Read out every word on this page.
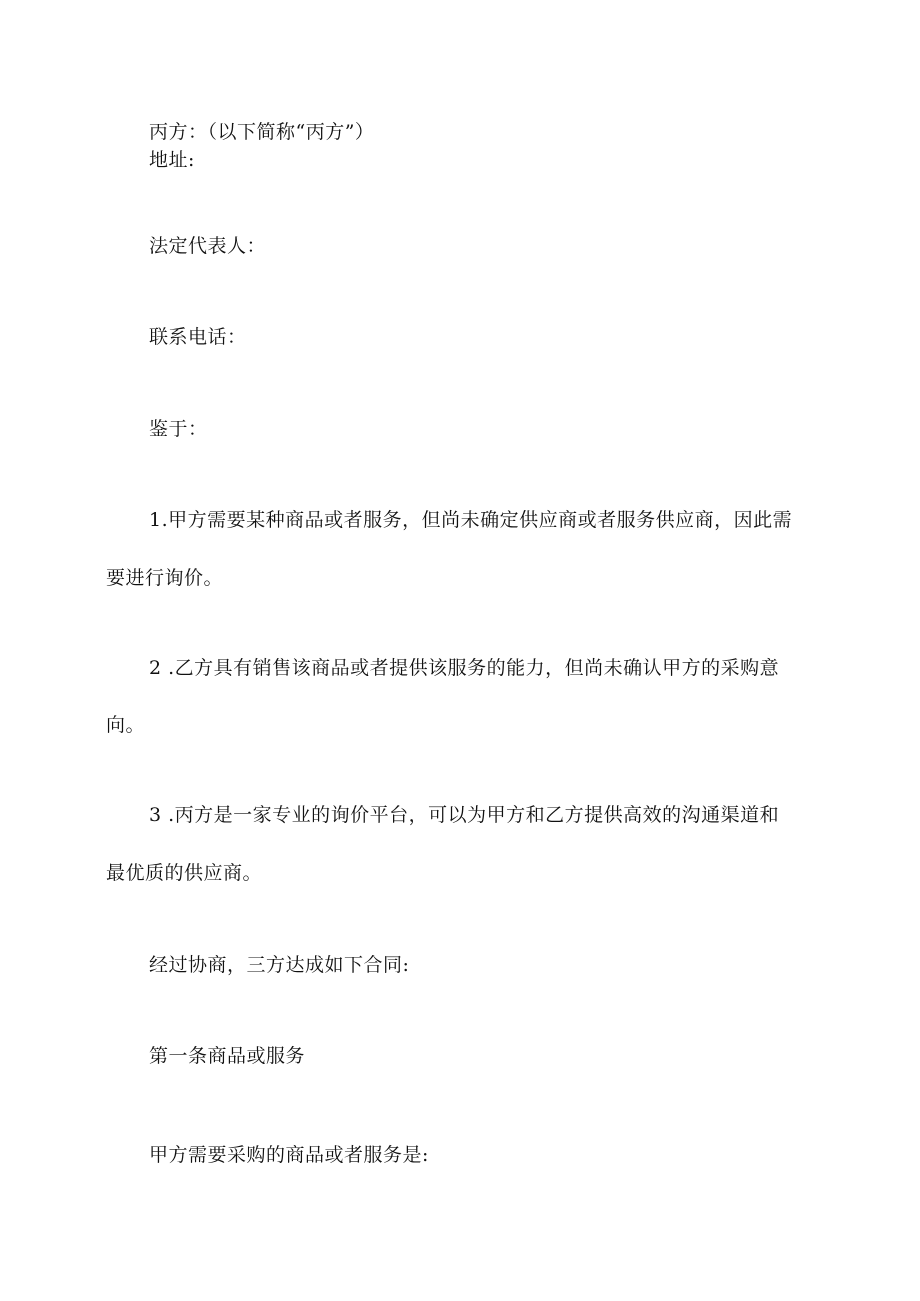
丙方：（以下简称“丙方”）
地址:
法定代表人：
联系电话：
鉴于：
1.甲方需要某种商品或者服务，但尚未确定供应商或者服务供应商，因此需
要进行询价。
2 .乙方具有销售该商品或者提供该服务的能力，但尚未确认甲方的采购意
向。
3 .丙方是一家专业的询价平台，可以为甲方和乙方提供高效的沟通渠道和
最优质的供应商。
经过协商，三方达成如下合同:
第一条商品或服务
甲方需要采购的商品或者服务是:
